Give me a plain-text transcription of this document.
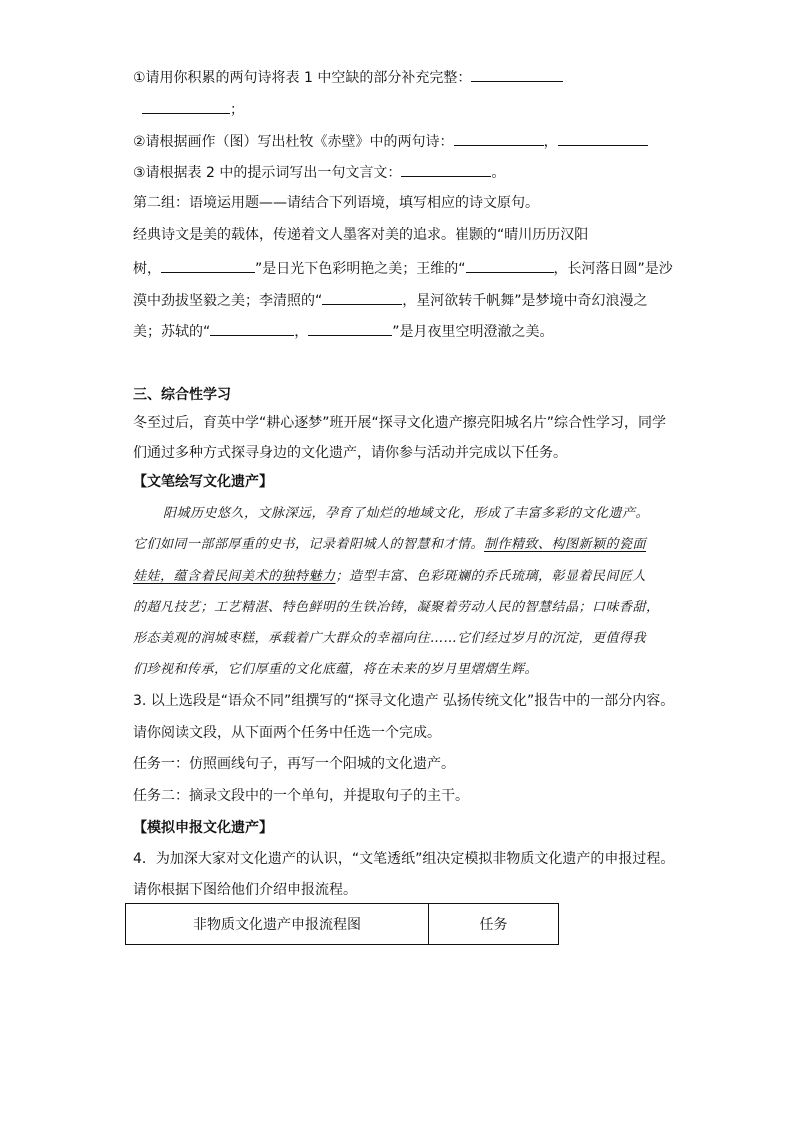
①请用你积累的两句诗将表 1 中空缺的部分补充完整：
；
②请根据画作（图）写出杜牧《赤壁》中的两句诗：	，
③请根据表 2 中的提示词写出一句文言文：	。
第二组：语境运用题——请结合下列语境，填写相应的诗文原句。
经典诗文是美的载体，传递着文人墨客对美的追求。崔颢的“晴川历历汉阳
树，	”是日光下色彩明艳之美；王维的“	，长河落日圆”是沙
漠中劲拔坚毅之美；李清照的“	，星河欲转千帆舞”是梦境中奇幻浪漫之
美；苏轼的“	，	”是月夜里空明澄澈之美。
三、综合性学习
冬至过后，育英中学“耕心逐梦”班开展“探寻文化遗产擦亮阳城名片”综合性学习，同学
们通过多种方式探寻身边的文化遗产，请你参与活动并完成以下任务。
【文笔绘写文化遗产】
阳城历史悠久，文脉深远，孕育了灿烂的地域文化，形成了丰富多彩的文化遗产。
它们如同一部部厚重的史书，记录着阳城人的智慧和才情。制作精致、构图新颖的瓷面
娃娃，蕴含着民间美术的独特魅力；造型丰富、色彩斑斓的乔氏琉璃，彰显着民间匠人
的超凡技艺；工艺精湛、特色鲜明的生铁冶铸，凝聚着劳动人民的智慧结晶；口味香甜，
形态美观的润城枣糕，承载着广大群众的幸福向往……它们经过岁月的沉淀，更值得我
们珍视和传承，它们厚重的文化底蕴，将在未来的岁月里熠熠生辉。
3. 以上选段是“语众不同”组撰写的“探寻文化遗产 弘扬传统文化”报告中的一部分内容。
请你阅读文段，从下面两个任务中任选一个完成。
任务一：仿照画线句子，再写一个阳城的文化遗产。
任务二：摘录文段中的一个单句，并提取句子的主干。
【模拟申报文化遗产】
4．为加深大家对文化遗产的认识，“文笔透纸”组决定模拟非物质文化遗产的申报过程。
请你根据下图给他们介绍申报流程。
非物质文化遗产申报流程图	任务
